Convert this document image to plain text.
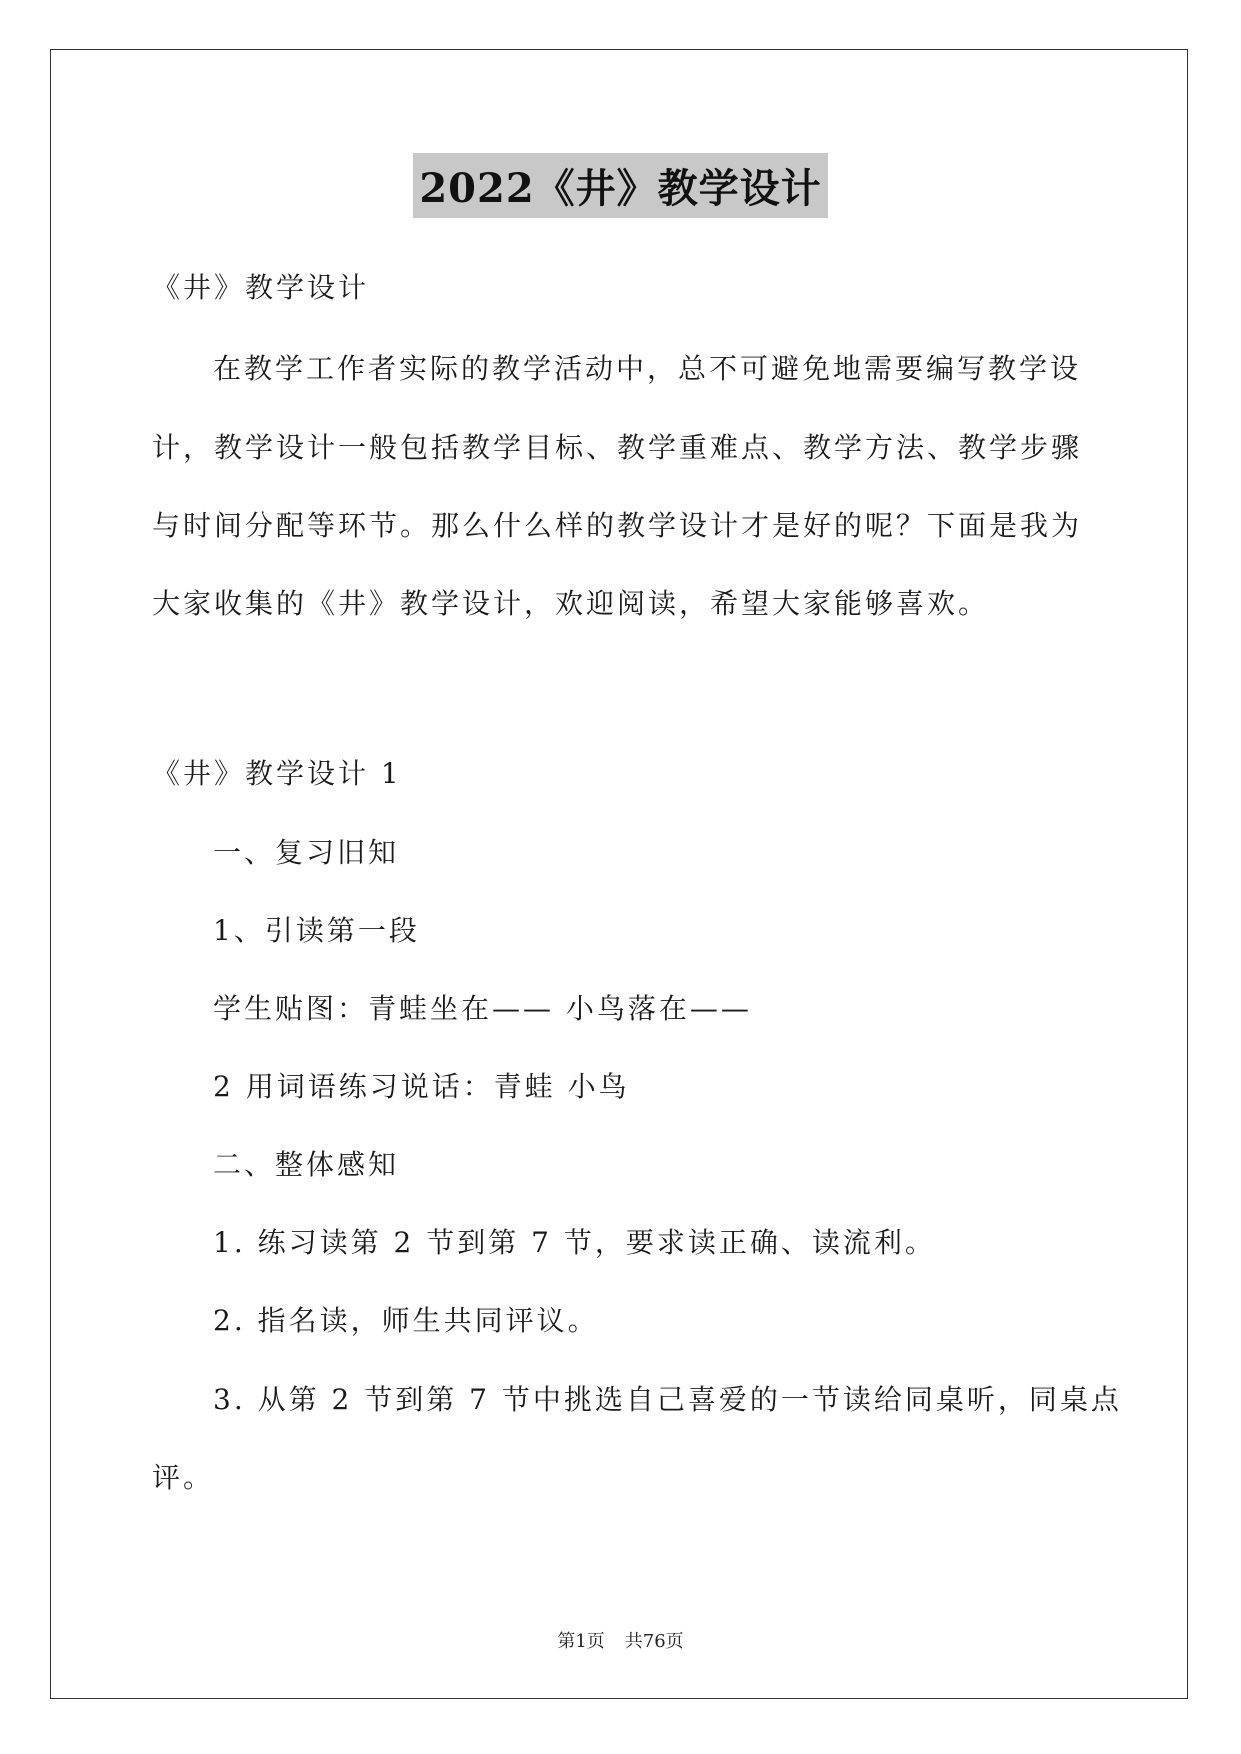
2022《井》教学设计
《井》教学设计
在教学工作者实际的教学活动中，总不可避免地需要编写教学设
计，教学设计一般包括教学目标、教学重难点、教学方法、教学步骤
与时间分配等环节。那么什么样的教学设计才是好的呢？下面是我为
大家收集的《井》教学设计，欢迎阅读，希望大家能够喜欢。
《井》教学设计 1
一、复习旧知
1、引读第一段
学生贴图：青蛙坐在—— 小鸟落在——
2 用词语练习说话：青蛙 小鸟
二、整体感知
1. 练习读第 2 节到第 7 节，要求读正确、读流利。
2. 指名读，师生共同评议。
3. 从第 2 节到第 7 节中挑选自己喜爱的一节读给同桌听，同桌点
评。
第1页 共76页
